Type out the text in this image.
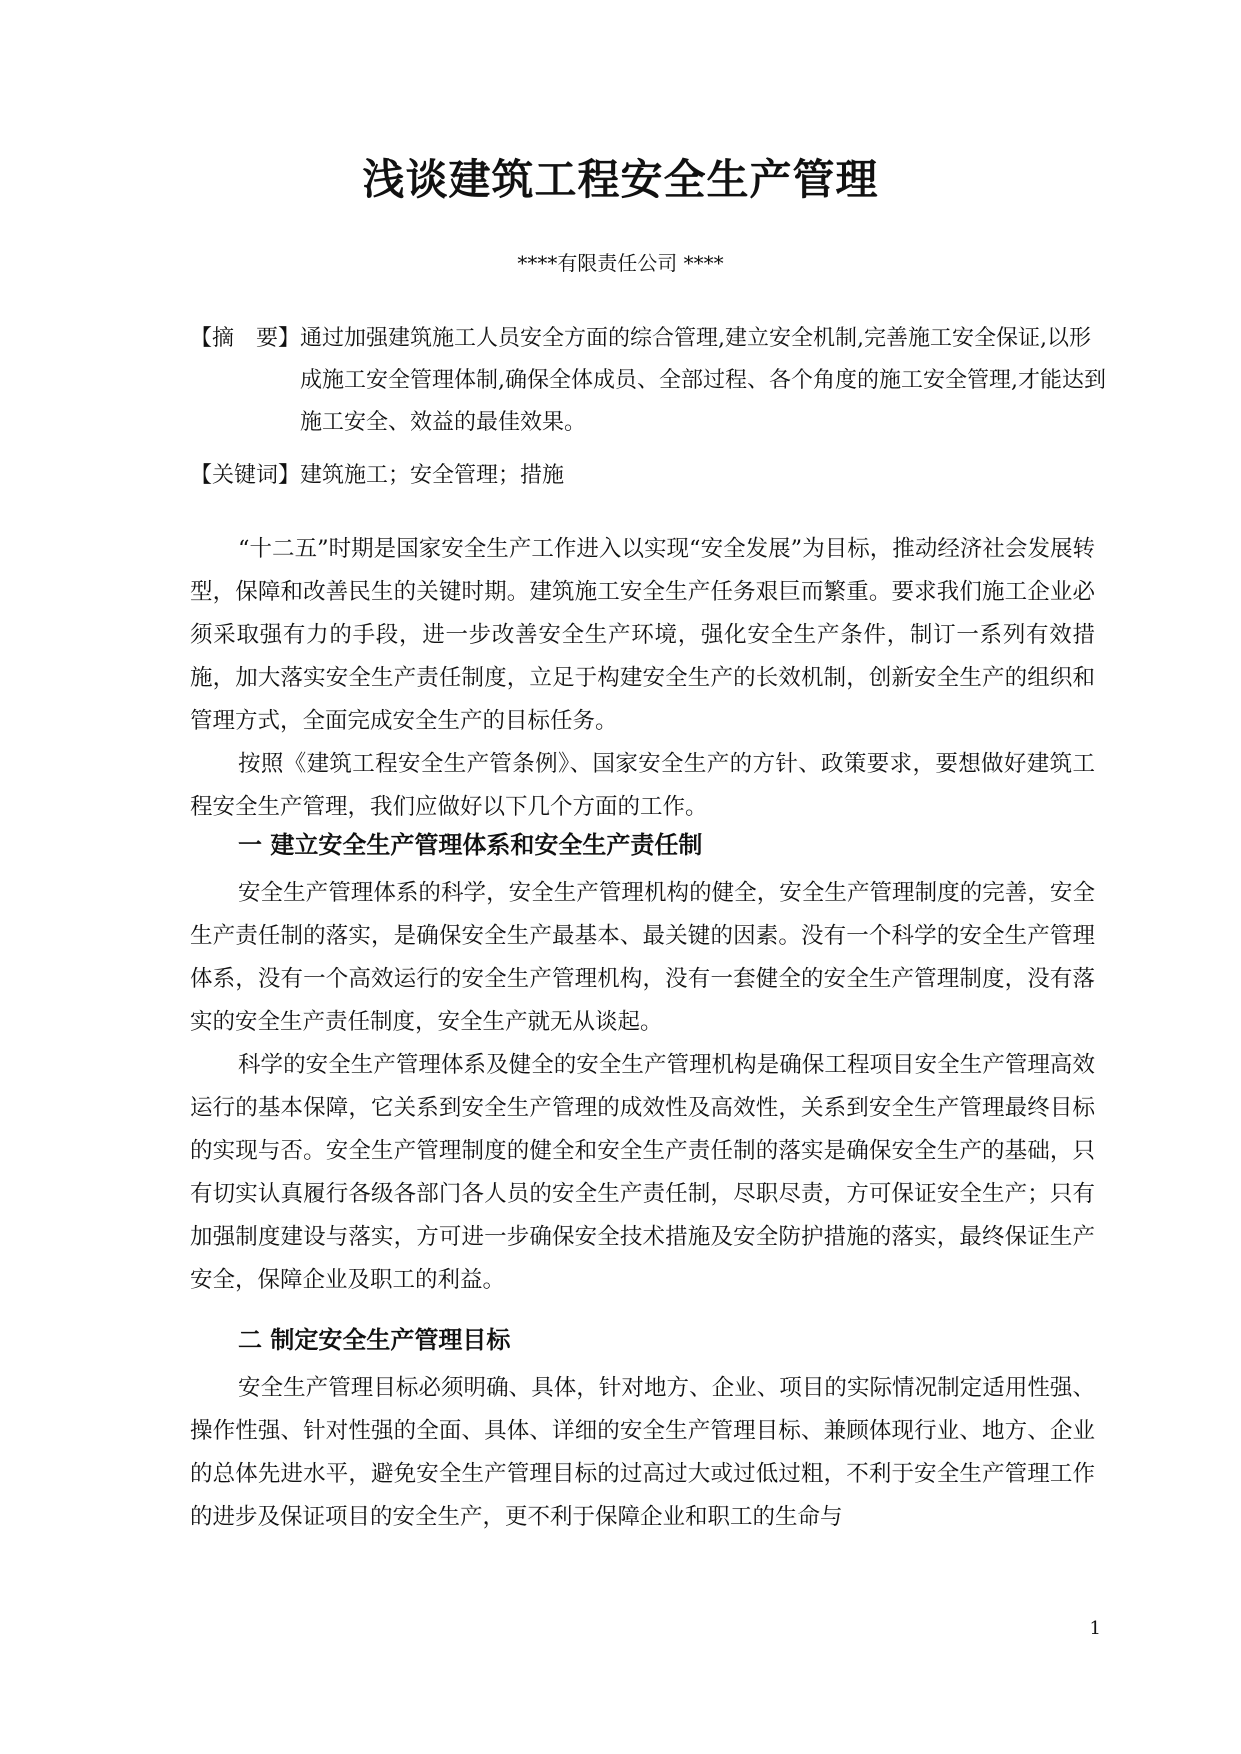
浅谈建筑工程安全生产管理
****有限责任公司 ****
【摘　要】 通过加强建筑施工人员安全方面的综合管理,建立安全机制,完善施工安全保证,以形成施工安全管理体制,确保全体成员、全部过程、各个角度的施工安全管理,才能达到施工安全、效益的最佳效果。
【关键词】建筑施工；安全管理；措施

“十二五”时期是国家安全生产工作进入以实现“安全发展”为目标，推动经济社会发展转型，保障和改善民生的关键时期。建筑施工安全生产任务艰巨而繁重。要求我们施工企业必须采取强有力的手段，进一步改善安全生产环境，强化安全生产条件，制订一系列有效措施，加大落实安全生产责任制度，立足于构建安全生产的长效机制，创新安全生产的组织和管理方式，全面完成安全生产的目标任务。

按照《建筑工程安全生产管条例》、国家安全生产的方针、政策要求，要想做好建筑工程安全生产管理，我们应做好以下几个方面的工作。

一 建立安全生产管理体系和安全生产责任制

安全生产管理体系的科学，安全生产管理机构的健全，安全生产管理制度的完善，安全生产责任制的落实，是确保安全生产最基本、最关键的因素。没有一个科学的安全生产管理体系，没有一个高效运行的安全生产管理机构，没有一套健全的安全生产管理制度，没有落实的安全生产责任制度，安全生产就无从谈起。

科学的安全生产管理体系及健全的安全生产管理机构是确保工程项目安全生产管理高效运行的基本保障，它关系到安全生产管理的成效性及高效性，关系到安全生产管理最终目标的实现与否。安全生产管理制度的健全和安全生产责任制的落实是确保安全生产的基础，只有切实认真履行各级各部门各人员的安全生产责任制，尽职尽责，方可保证安全生产；只有加强制度建设与落实，方可进一步确保安全技术措施及安全防护措施的落实，最终保证生产安全，保障企业及职工的利益。

二 制定安全生产管理目标

安全生产管理目标必须明确、具体，针对地方、企业、项目的实际情况制定适用性强、操作性强、针对性强的全面、具体、详细的安全生产管理目标、兼顾体现行业、地方、企业的总体先进水平，避免安全生产管理目标的过高过大或过低过粗，不利于安全生产管理工作的进步及保证项目的安全生产，更不利于保障企业和职工的生命与

1
